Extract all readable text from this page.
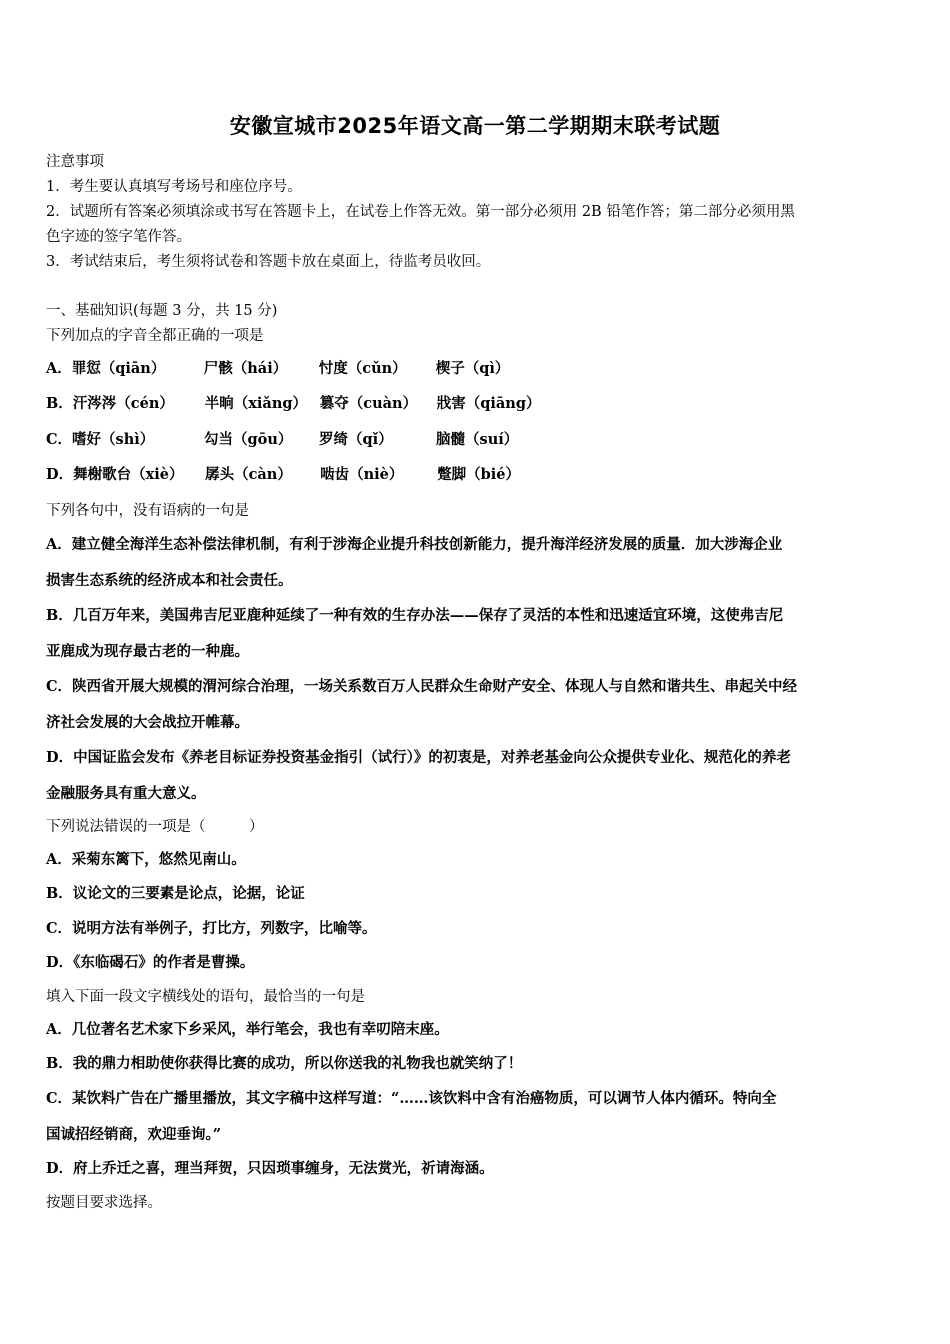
安徽宣城市2025年语文高一第二学期期末联考试题
注意事项
1．考生要认真填写考场号和座位序号。
2．试题所有答案必须填涂或书写在答题卡上，在试卷上作答无效。第一部分必须用 2B 铅笔作答；第二部分必须用黑
色字迹的签字笔作答。
3．考试结束后，考生须将试卷和答题卡放在桌面上，待监考员收回。
一、基础知识(每题 3 分，共 15 分)
下列加点的字音全都正确的一项是
A．罪愆（qiān）	尸骸（hái） 忖度（cǔn） 楔子（qì）
B．汗涔涔（cén） 半晌（xiǎng） 篡夺（cuàn） 戕害（qiāng）
C．嗜好（shì）	勾当（gōu） 罗绮（qǐ）	脑髓（suí）
D．舞榭歌台（xiè） 孱头（càn） 啮齿（niè） 蹩脚（bié）
下列各句中，没有语病的一句是
A．建立健全海洋生态补偿法律机制，有利于涉海企业提升科技创新能力，提升海洋经济发展的质量．加大涉海企业
损害生态系统的经济成本和社会责任。
B．几百万年来，美国弗吉尼亚鹿种延续了一种有效的生存办法——保存了灵活的本性和迅速适宜环境，这使弗吉尼
亚鹿成为现存最古老的一种鹿。
C．陕西省开展大规模的渭河综合治理，一场关系数百万人民群众生命财产安全、体现人与自然和谐共生、串起关中经
济社会发展的大会战拉开帷幕。
D．中国证监会发布《养老目标证券投资基金指引（试行）》的初衷是，对养老基金向公众提供专业化、规范化的养老
金融服务具有重大意义。
下列说法错误的一项是（　　　）
A．采菊东篱下，悠然见南山。
B．议论文的三要素是论点，论据，论证
C．说明方法有举例子，打比方，列数字，比喻等。
D．《东临碣石》的作者是曹操。
填入下面一段文字横线处的语句，最恰当的一句是
A．几位著名艺术家下乡采风，举行笔会，我也有幸叨陪末座。
B．我的鼎力相助使你获得比赛的成功，所以你送我的礼物我也就笑纳了！
C．某饮料广告在广播里播放，其文字稿中这样写道：“……该饮料中含有治癌物质，可以调节人体内循环。特向全
国诚招经销商，欢迎垂询。”
D．府上乔迁之喜，理当拜贺，只因琐事缠身，无法赏光，祈请海涵。
按题目要求选择。
